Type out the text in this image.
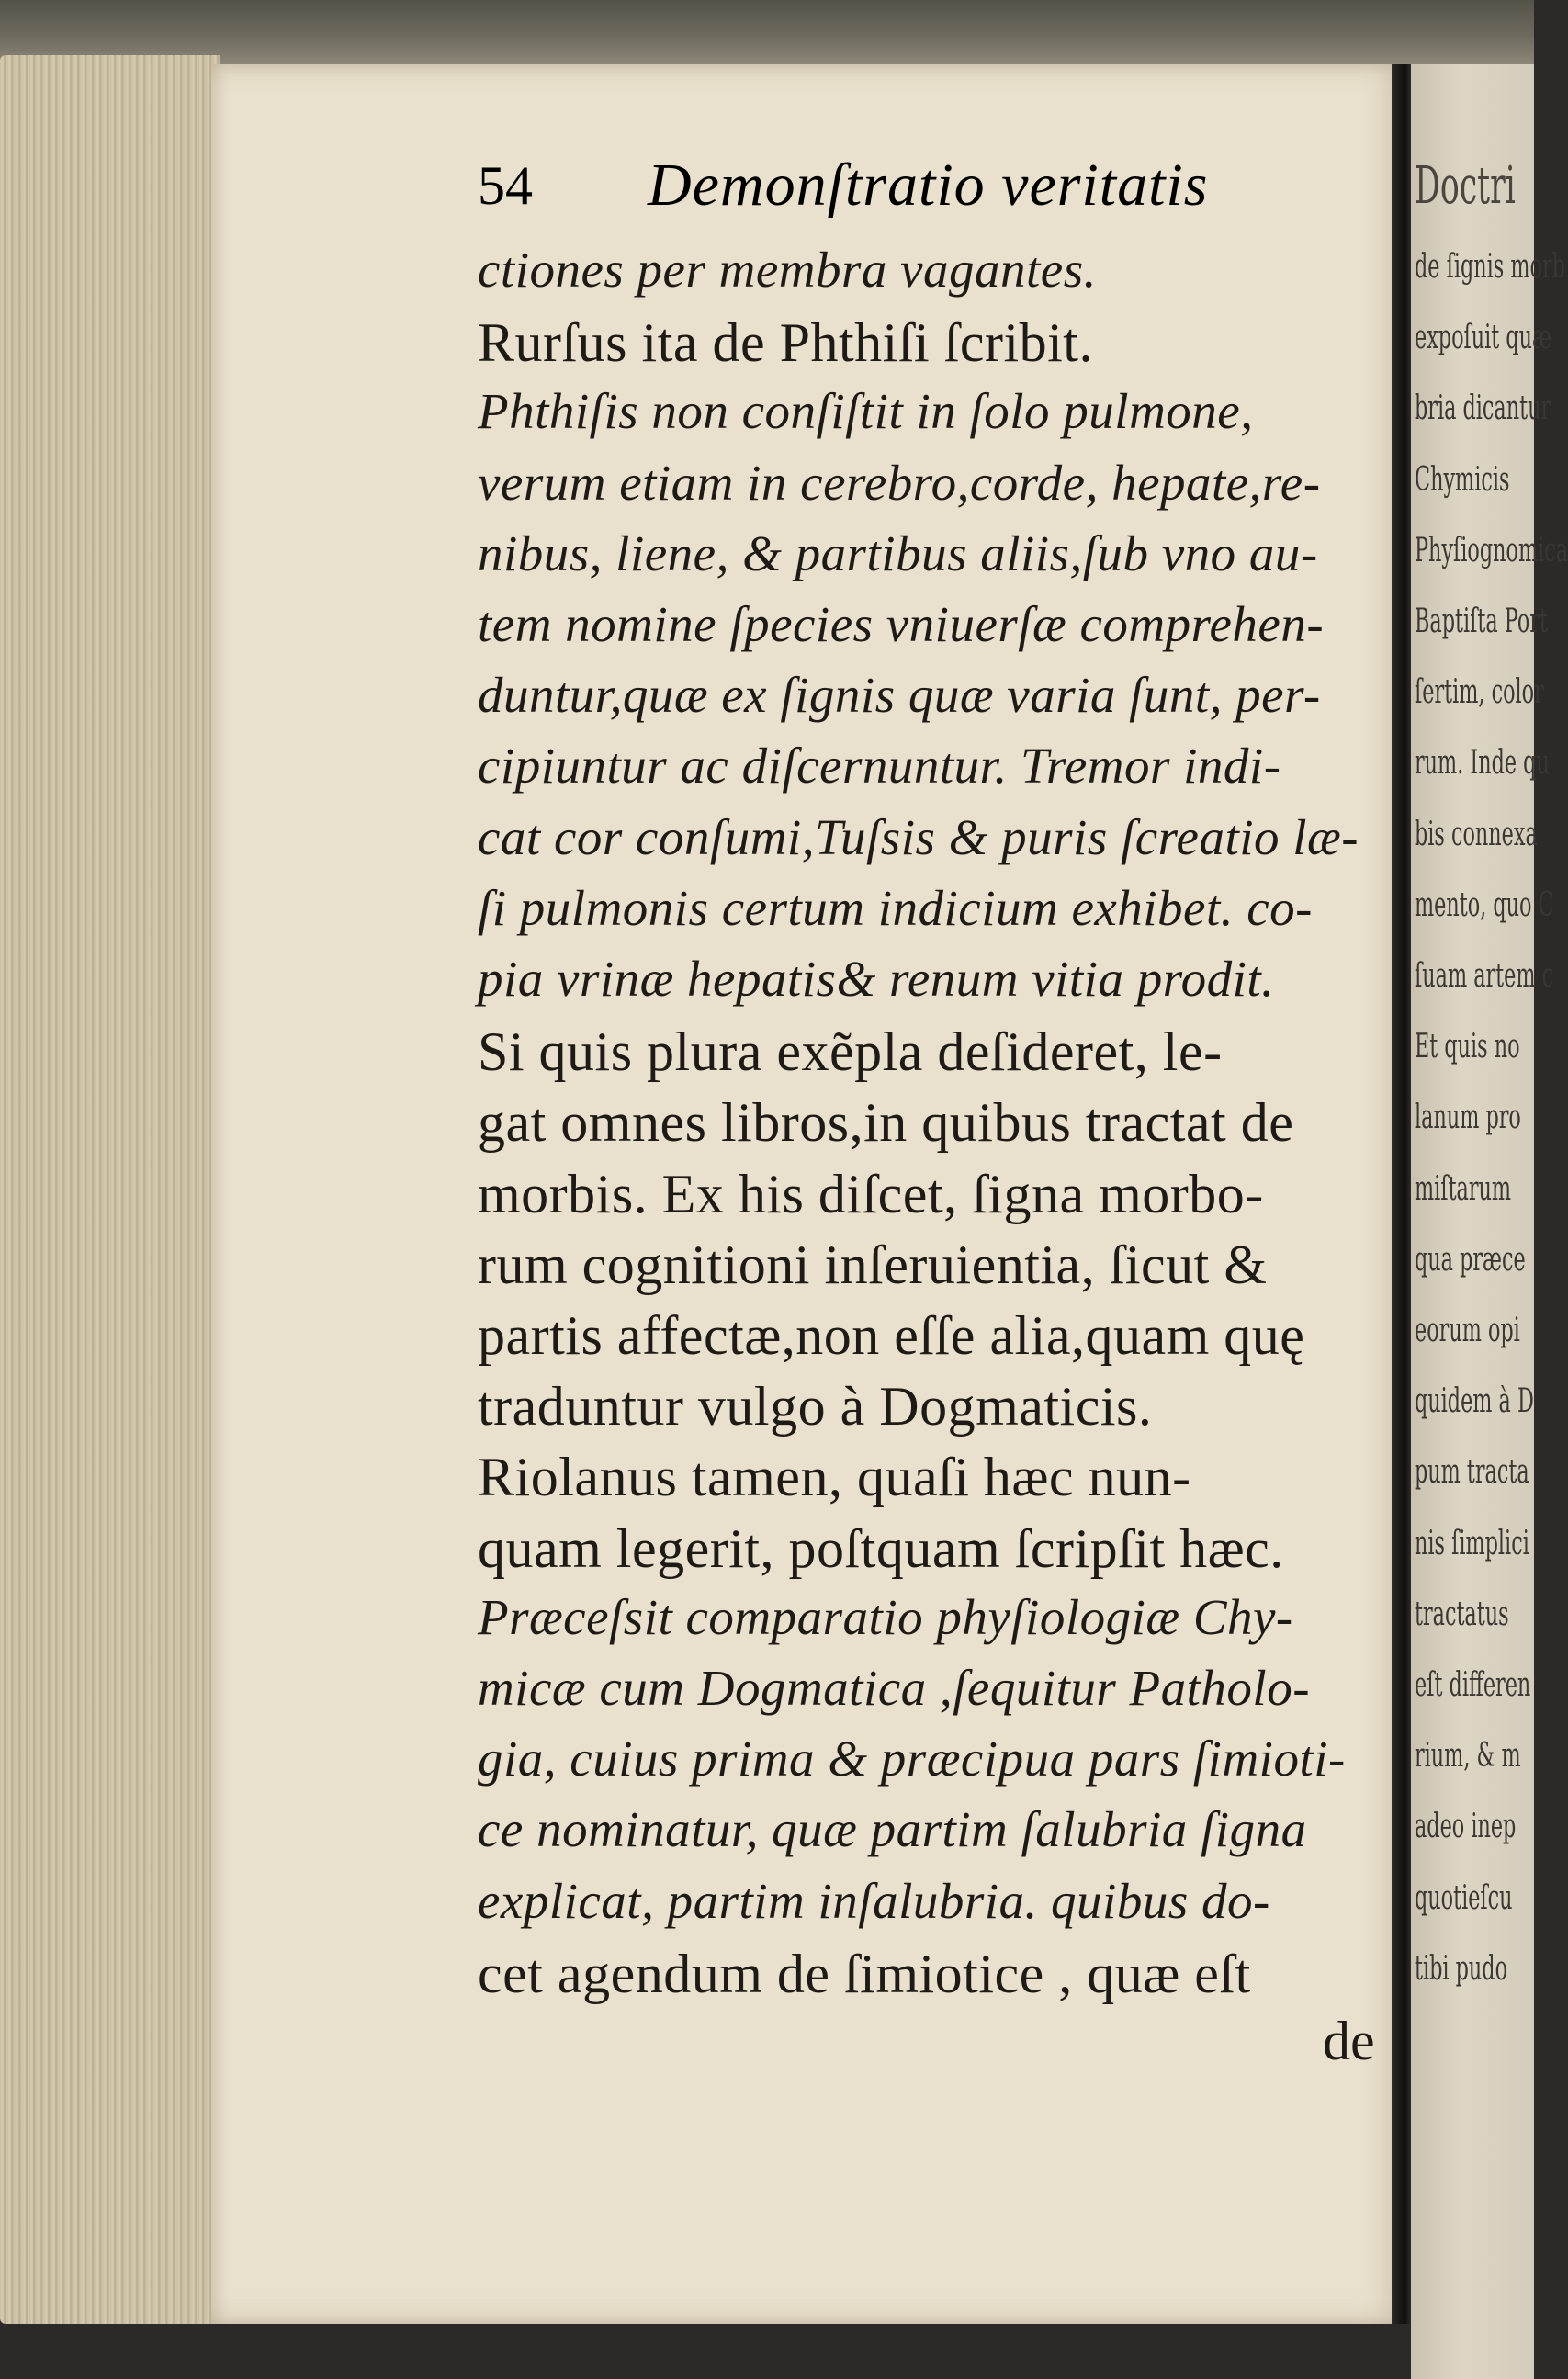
Doctri
de ſignis morb
expoſuit quæ
bria dicantur
Chymicis
Phyſiognomica
Baptiſta Port
ſertim, color
rum. Inde qu
bis connexa
mento, quo C
ſuam artem c
Et quis no
lanum pro
miſtarum
qua præce
eorum opi
quidem à D
pum tracta
nis ſimplici
tractatus
eſt differen
rium, & m
adeo inep
quotieſcu
tibi pudo
54 Demonſtratio veritatis
ctiones per membra vagantes.
Rurſus ita de Phthiſi ſcribit.
Phthiſis non conſiſtit in ſolo pulmone,
verum etiam in cerebro,corde, hepate,re-
nibus, liene, & partibus aliis,ſub vno au-
tem nomine ſpecies vniuerſæ comprehen-
duntur,quæ ex ſignis quæ varia ſunt, per-
cipiuntur ac diſcernuntur. Tremor indi-
cat cor conſumi,Tuſsis & puris ſcreatio læ-
ſi pulmonis certum indicium exhibet. co-
pia vrinæ hepatis& renum vitia prodit.
Si quis plura exẽpla deſideret, le-
gat omnes libros,in quibus tractat de
morbis. Ex his diſcet, ſigna morbo-
rum cognitioni inſeruientia, ſicut &
partis affectæ,non eſſe alia,quam quę
traduntur vulgo à Dogmaticis.
Riolanus tamen, quaſi hæc nun-
quam legerit, poſtquam ſcripſit hæc.
Præceſsit comparatio phyſiologiæ Chy-
micæ cum Dogmatica ,ſequitur Patholo-
gia, cuius prima & præcipua pars ſimioti-
ce nominatur, quæ partim ſalubria ſigna
explicat, partim inſalubria. quibus do-
cet agendum de ſimiotice , quæ eſt
de
